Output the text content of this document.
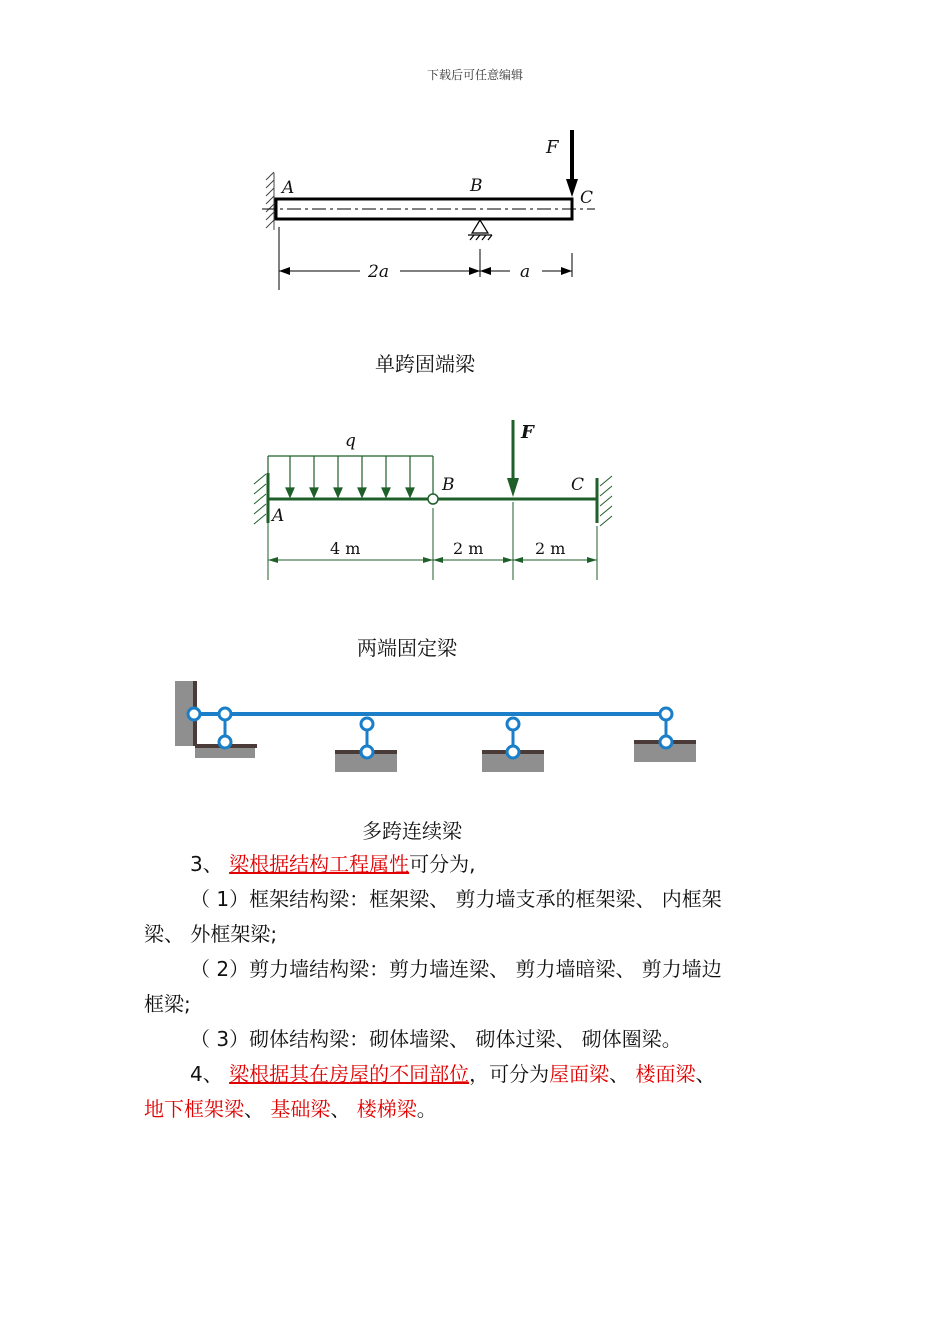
下载后可任意编辑
F
A	B
C
2a	a
单跨固端梁
q	F
A
B	C
4 m	2 m	2 m
两端固定梁
多跨连续梁
3、 梁根据结构工程属性可分为,
（ 1）框架结构梁：框架梁、 剪力墙支承的框架梁、 内框架
梁、 外框架梁;
（ 2）剪力墙结构梁：剪力墙连梁、 剪力墙暗梁、 剪力墙边
框梁;
（ 3）砌体结构梁：砌体墙梁、 砌体过梁、 砌体圈梁。
4、 梁根据其在房屋的不同部位，可分为屋面梁、 楼面梁、
地下框架梁、 基础梁、 楼梯梁。
